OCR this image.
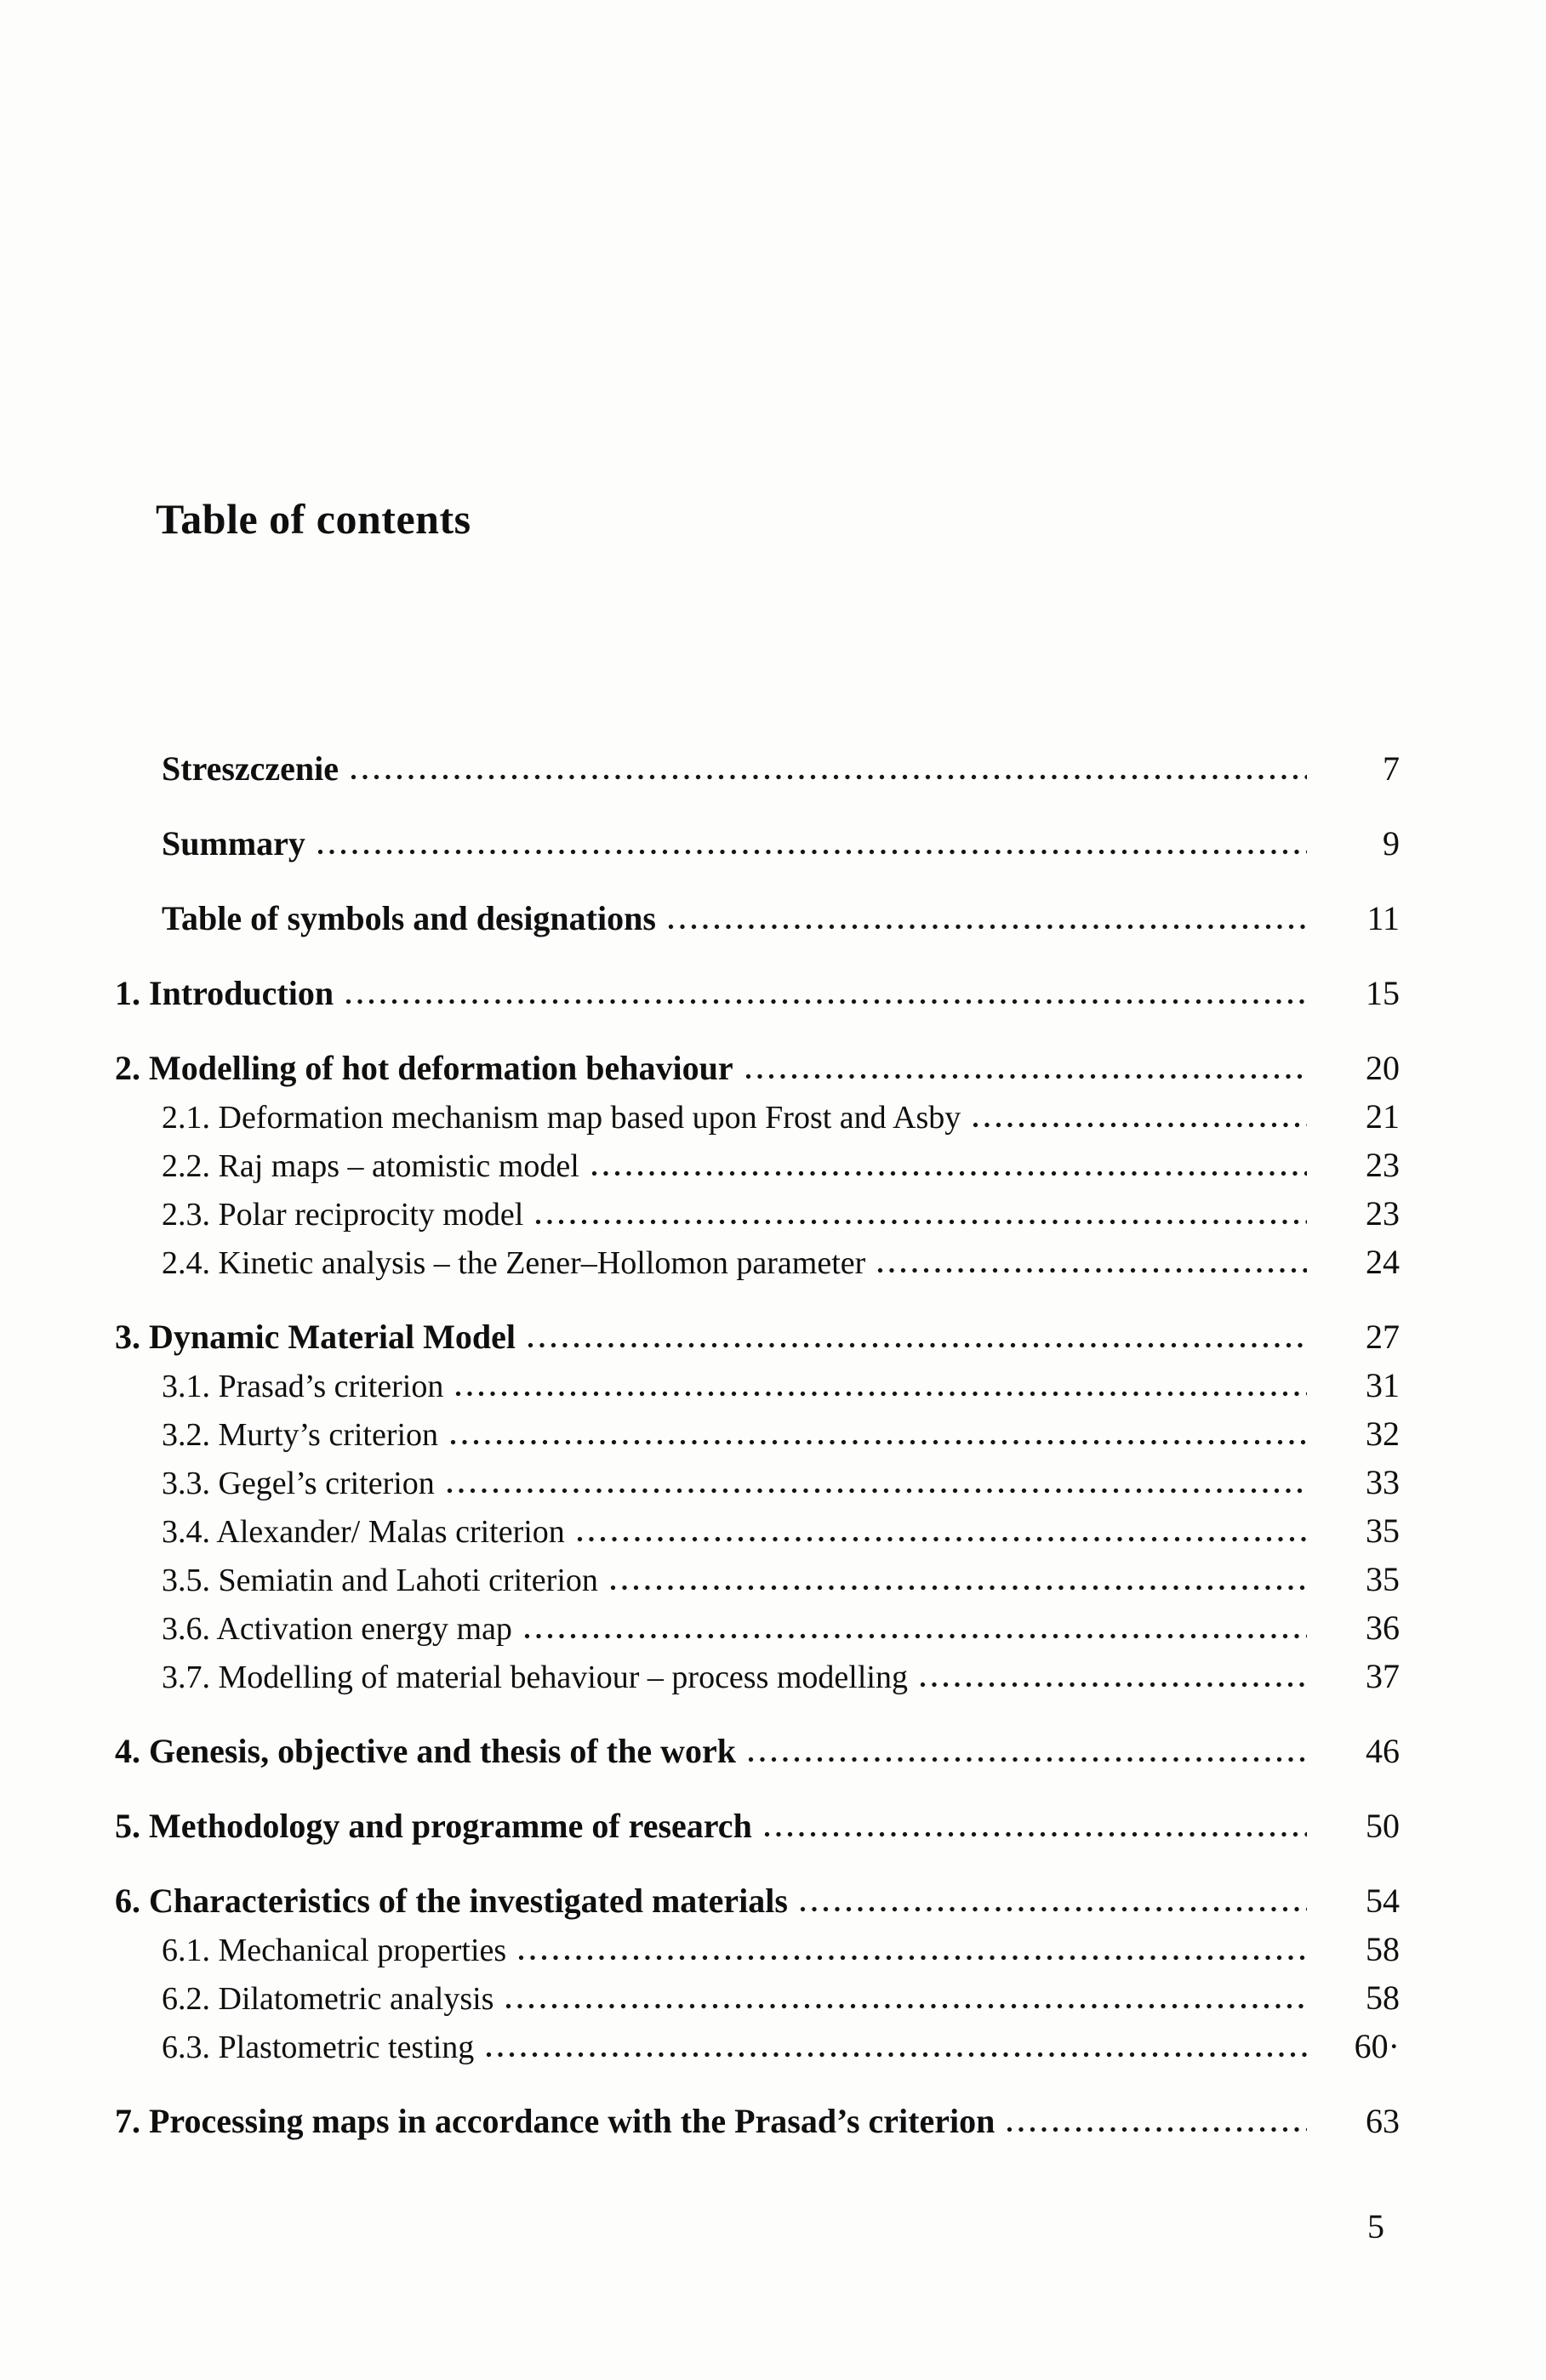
Table of contents
Streszczenie	7
Summary	9
Table of symbols and designations	11
1. Introduction	15
2. Modelling of hot deformation behaviour	20
2.1. Deformation mechanism map based upon Frost and Asby	21
2.2. Raj maps – atomistic model	23
2.3. Polar reciprocity model	23
2.4. Kinetic analysis – the Zener–Hollomon parameter	24
3. Dynamic Material Model	27
3.1. Prasad’s criterion	31
3.2. Murty’s criterion	32
3.3. Gegel’s criterion	33
3.4. Alexander/ Malas criterion	35
3.5. Semiatin and Lahoti criterion	35
3.6. Activation energy map	36
3.7. Modelling of material behaviour – process modelling	37
4. Genesis, objective and thesis of the work	46
5. Methodology and programme of research	50
6. Characteristics of the investigated materials	54
6.1. Mechanical properties	58
6.2. Dilatometric analysis	58
6.3. Plastometric testing	60·
7. Processing maps in accordance with the Prasad’s criterion	63
5
